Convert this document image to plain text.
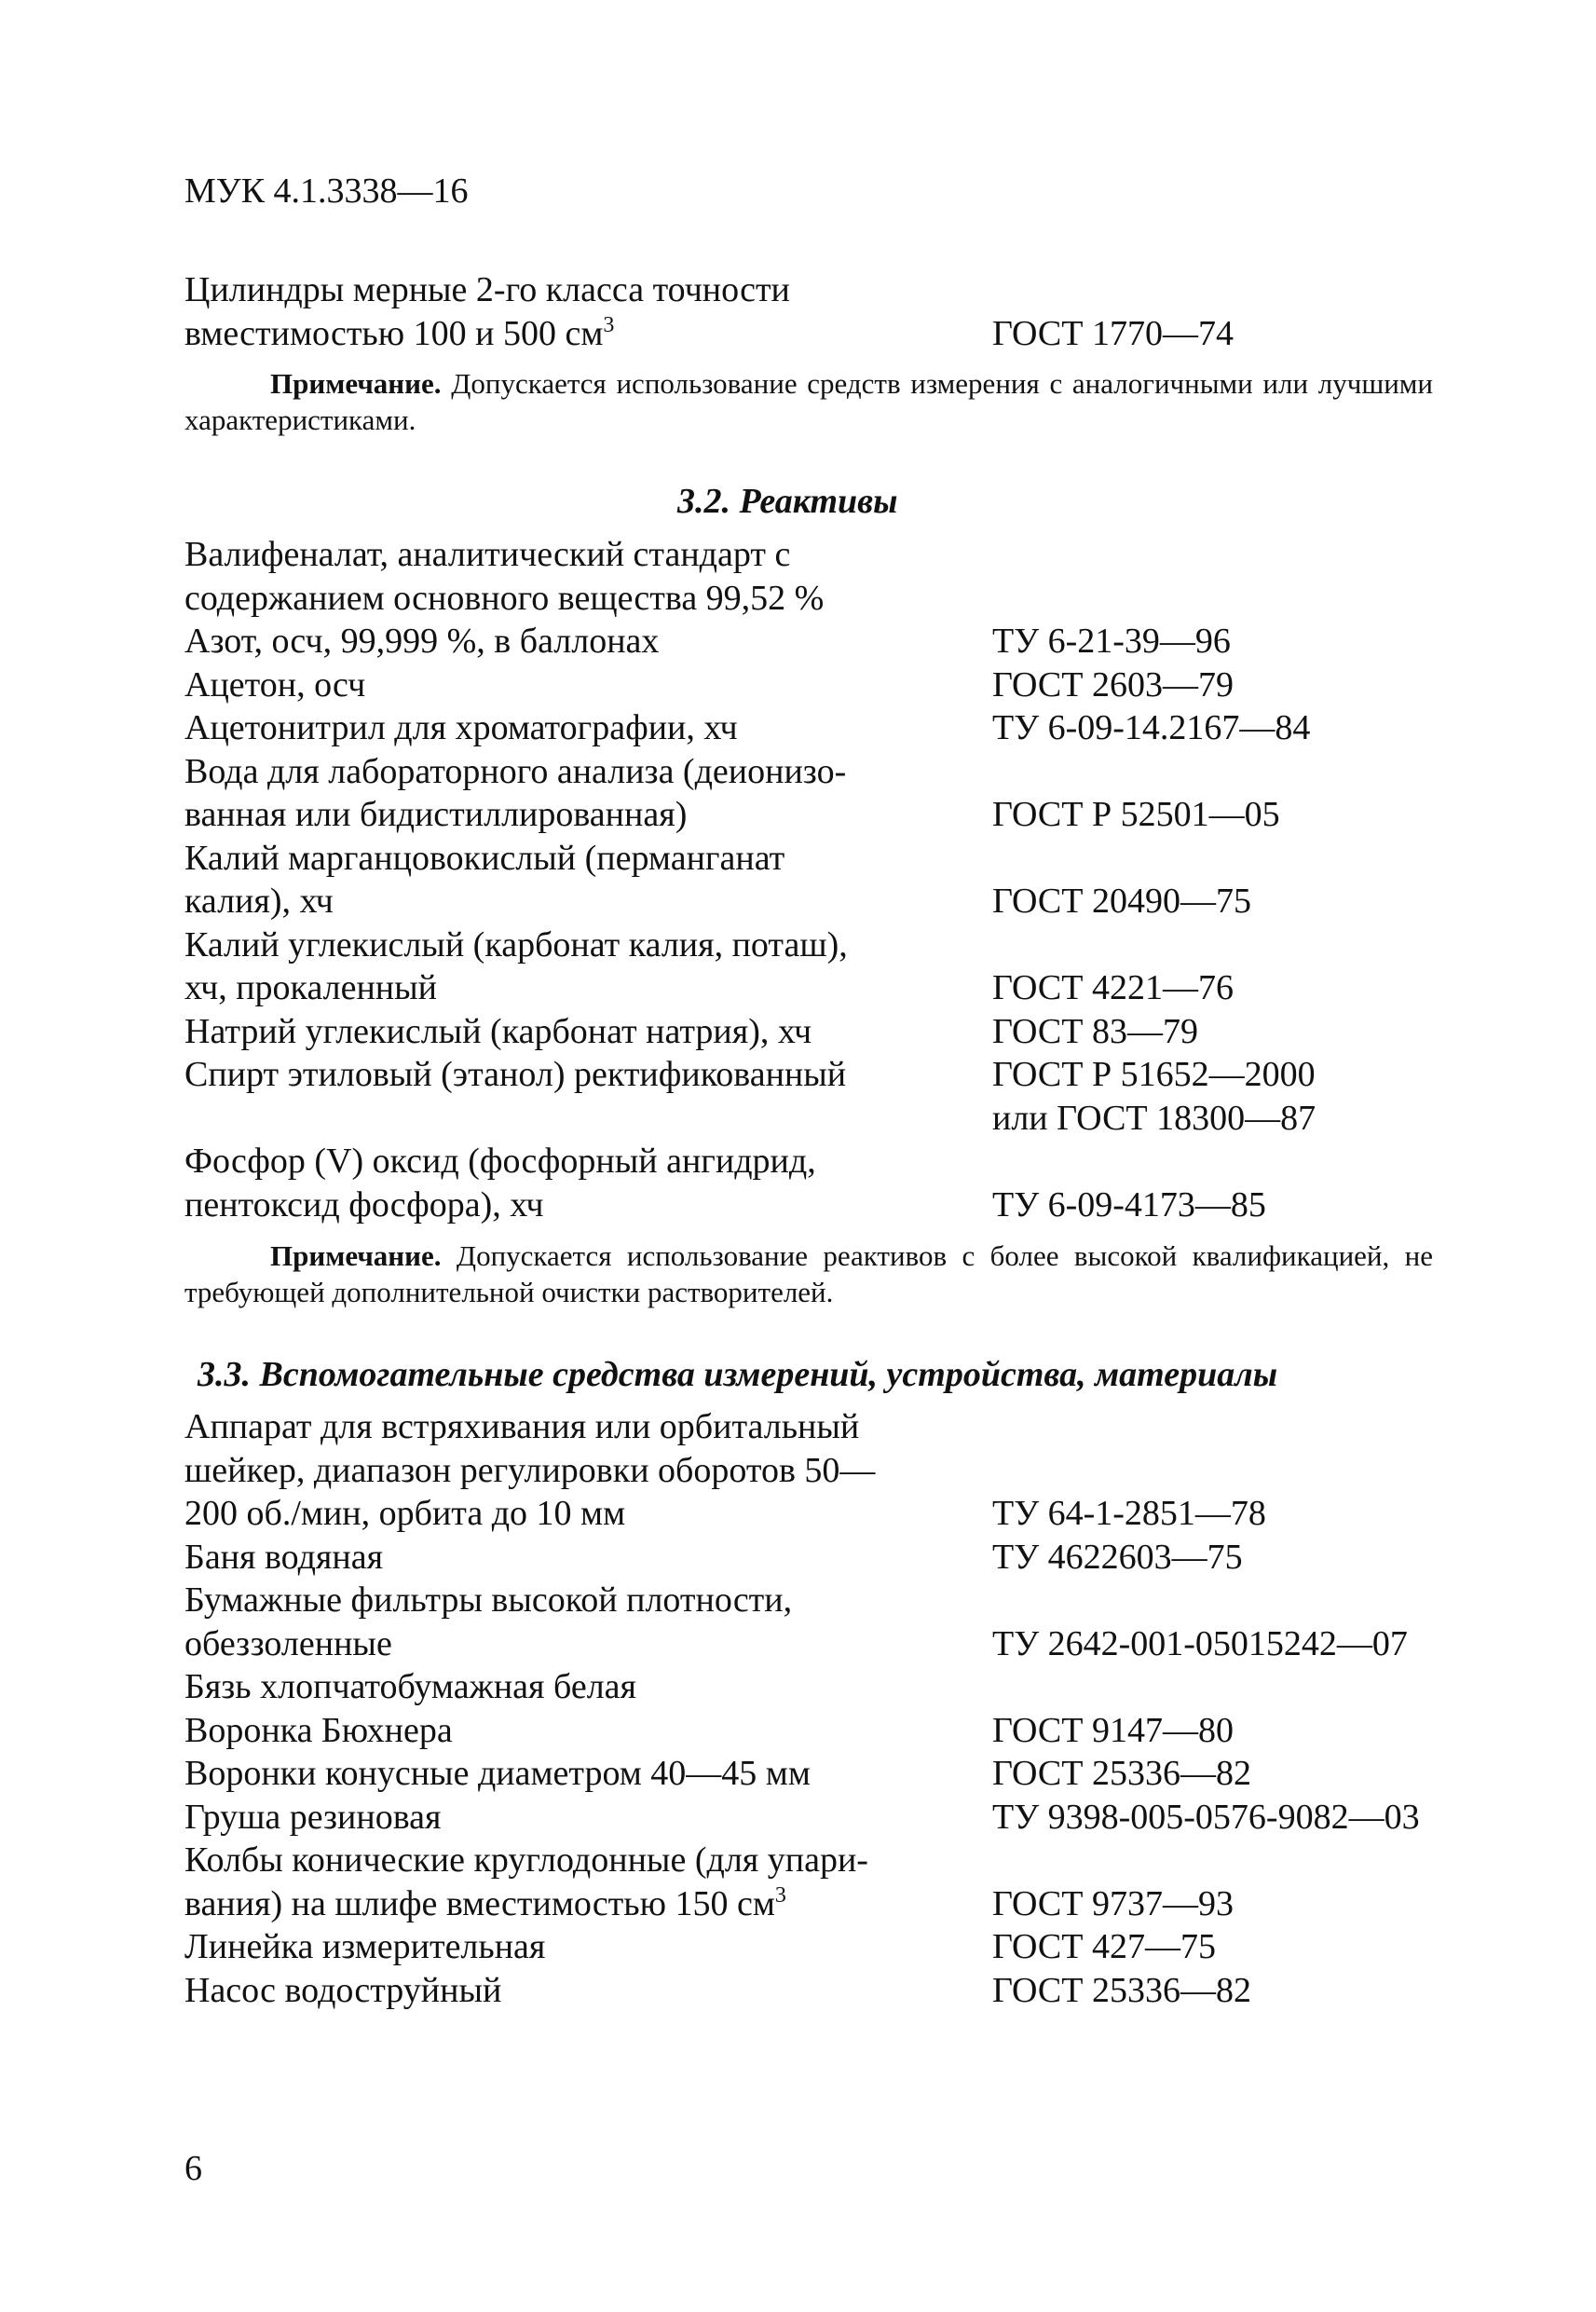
МУК 4.1.3338—16
Цилиндры мерные 2-го класса точности
вместимостью 100 и 500 $см^3$	ГОСТ 1770—74
Примечание. Допускается использование средств измерения с аналогичными или лучшими характеристиками.
3.2. Реактивы
Валифеналат, аналитический стандарт с
содержанием основного вещества 99,52 %
Азот, осч, 99,999 %, в баллонах	ТУ 6-21-39—96
Ацетон, осч	ГОСТ 2603—79
Ацетонитрил для хроматографии, хч	ТУ 6-09-14.2167—84
Вода для лабораторного анализа (деионизо-
ванная или бидистиллированная)	ГОСТ Р 52501—05
Калий марганцовокислый (перманганат
калия), хч	ГОСТ 20490—75
Калий углекислый (карбонат калия, поташ),
хч, прокаленный	ГОСТ 4221—76
Натрий углекислый (карбонат натрия), хч	ГОСТ 83—79
Спирт этиловый (этанол) ректификованный	ГОСТ Р 51652—2000

или ГОСТ 18300—87
Фосфор (V) оксид (фосфорный ангидрид,
пентоксид фосфора), хч	ТУ 6-09-4173—85
Примечание. Допускается использование реактивов с более высокой квалификацией, не требующей дополнительной очистки растворителей.
3.3. Вспомогательные средства измерений, устройства, материалы
Аппарат для встряхивания или орбитальный
шейкер, диапазон регулировки оборотов 50—
200 об./мин, орбита до 10 мм	ТУ 64-1-2851—78
Баня водяная	ТУ 4622603—75
Бумажные фильтры высокой плотности,
обеззоленные	ТУ 2642-001-05015242—07
Бязь хлопчатобумажная белая
Воронка Бюхнера	ГОСТ 9147—80
Воронки конусные диаметром 40—45 мм	ГОСТ 25336—82
Груша резиновая	ТУ 9398-005-0576-9082—03
Колбы конические круглодонные (для упари-
вания) на шлифе вместимостью 150 $см^3$	ГОСТ 9737—93
Линейка измерительная	ГОСТ 427—75
Насос водоструйный	ГОСТ 25336—82
6
